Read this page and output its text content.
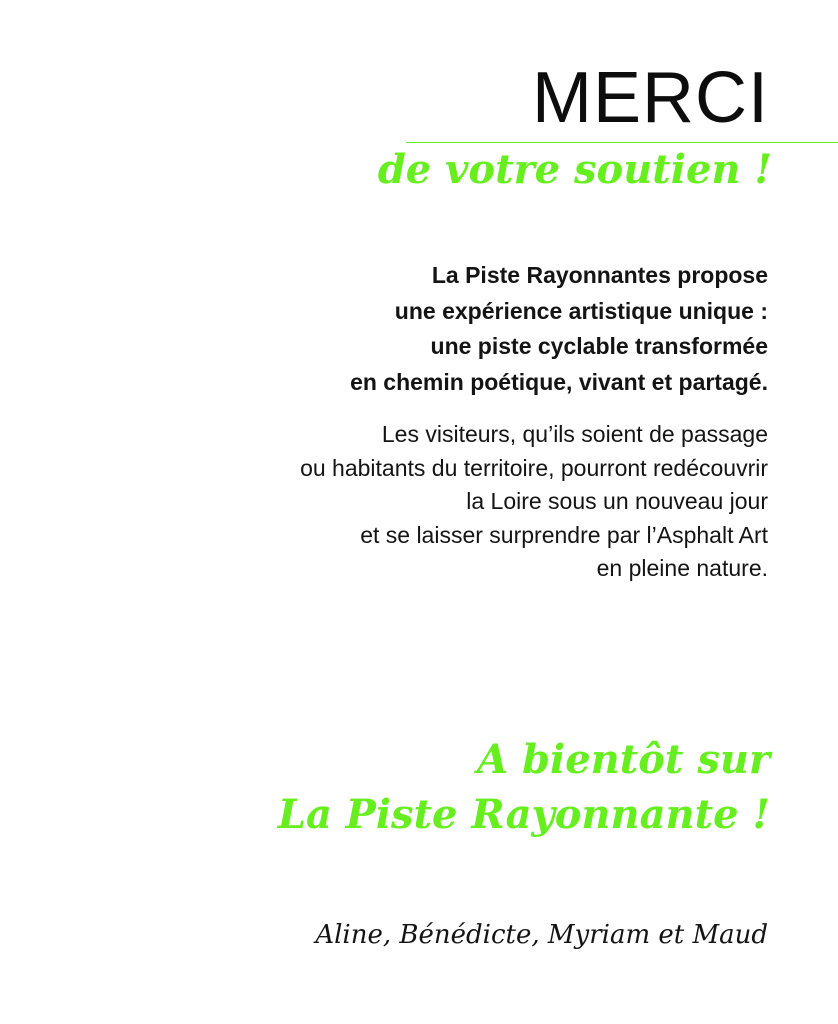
MERCI
de votre soutien !
La Piste Rayonnantes propose
une expérience artistique unique :
une piste cyclable transformée
en chemin poétique, vivant et partagé.
Les visiteurs, qu’ils soient de passage
ou habitants du territoire, pourront redécouvrir
la Loire sous un nouveau jour
et se laisser surprendre par l’Asphalt Art
en pleine nature.
A bientôt sur
La Piste Rayonnante !
Aline, Bénédicte, Myriam et Maud
